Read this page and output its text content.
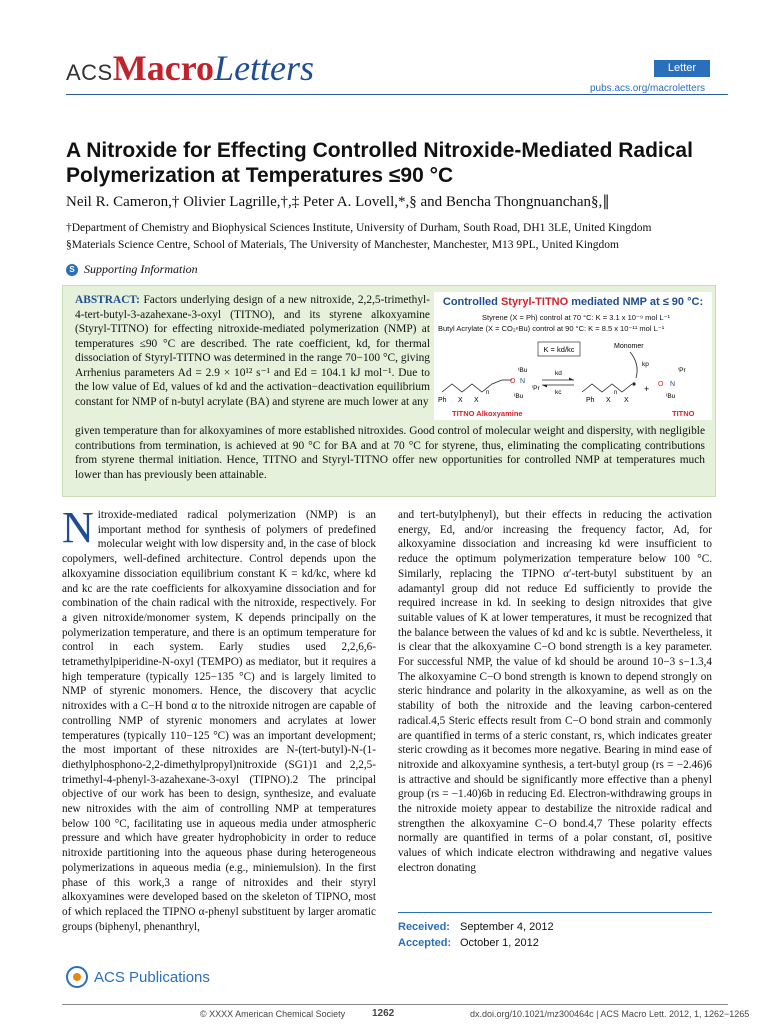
ACSMacroLetters	Letter
pubs.acs.org/macroletters
A Nitroxide for Effecting Controlled Nitroxide-Mediated Radical Polymerization at Temperatures ≤90 °C
Neil R. Cameron,† Olivier Lagrille,†,‡ Peter A. Lovell,*,§ and Bencha Thongnuanchan§,∥
†Department of Chemistry and Biophysical Sciences Institute, University of Durham, South Road, DH1 3LE, United Kingdom
§Materials Science Centre, School of Materials, The University of Manchester, Manchester, M13 9PL, United Kingdom
S Supporting Information
ABSTRACT: Factors underlying design of a new nitroxide, 2,2,5-trimethyl-4-tert-butyl-3-azahexane-3-oxyl (TITNO), and its styrene alkoxyamine (Styryl-TITNO) for effecting nitroxide-mediated polymerization (NMP) at temperatures ≤90 °C are described. The rate coefficient, kd, for thermal dissociation of Styryl-TITNO was determined in the range 70−100 °C, giving Arrhenius parameters Ad = 2.9 × 10¹² s⁻¹ and Ed = 104.1 kJ mol⁻¹. Due to the low value of Ed, values of kd and the activation−deactivation equilibrium constant for NMP of n-butyl acrylate (BA) and styrene are much lower at any
given temperature than for alkoxyamines of more established nitroxides. Good control of molecular weight and dispersity, with negligible contributions from termination, is achieved at 90 °C for BA and at 70 °C for styrene, thus, eliminating the complicating contributions from styrene thermal initiation. Hence, TITNO and Styryl-TITNO offer new opportunities for controlled NMP at temperatures much lower than has previously been attainable.
Controlled Styryl-TITNO mediated NMP at ≤ 90 °C:
Styrene (X = Ph) control at 70 °C: K = 3.1 x 10⁻⁹ mol L⁻¹
Butyl Acrylate (X = CO₂ⁿBu) control at 90 °C: K = 8.5 x 10⁻¹¹ mol L⁻¹
K = kd/kc
O N
ᵗBu
ⁱPr
ᵗBu
Ph X X
n
kd
kc
Ph X X
n
Monomer
kp
+ O N
ⁱPr
ᵗBu
TITNO Alkoxyamine	TITNO
Nitroxide-mediated radical polymerization (NMP) is an important method for synthesis of polymers of predefined molecular weight with low dispersity and, in the case of block copolymers, well-defined architecture. Control depends upon the alkoxyamine dissociation equilibrium constant K = kd/kc, where kd and kc are the rate coefficients for alkoxyamine dissociation and for combination of the chain radical with the nitroxide, respectively. For a given nitroxide/monomer system, K depends principally on the polymerization temperature, and there is an optimum temperature for control in each system. Early studies used 2,2,6,6-tetramethylpiperidine-N-oxyl (TEMPO) as mediator, but it requires a high temperature (typically 125−135 °C) and is largely limited to NMP of styrenic monomers. Hence, the discovery that acyclic nitroxides with a C−H bond α to the nitroxide nitrogen are capable of controlling NMP of styrenic monomers and acrylates at lower temperatures (typically 110−125 °C) was an important development; the most important of these nitroxides are N-(tert-butyl)-N-(1-diethylphosphono-2,2-dimethylpropyl)nitroxide (SG1)1 and 2,2,5-trimethyl-4-phenyl-3-azahexane-3-oxyl (TIPNO).2 The principal objective of our work has been to design, synthesize, and evaluate new nitroxides with the aim of controlling NMP at temperatures below 100 °C, facilitating use in aqueous media under atmospheric pressure and which have greater hydrophobicity in order to reduce nitroxide partitioning into the aqueous phase during heterogeneous polymerizations in aqueous media (e.g., miniemulsion). In the first phase of this work,3 a range of nitroxides and their styryl alkoxyamines were developed based on the skeleton of TIPNO, most of which replaced the TIPNO α-phenyl substituent by larger aromatic groups (biphenyl, phenanthryl,
and tert-butylphenyl), but their effects in reducing the activation energy, Ed, and/or increasing the frequency factor, Ad, for alkoxyamine dissociation and increasing kd were insufficient to reduce the optimum polymerization temperature below 100 °C. Similarly, replacing the TIPNO α′-tert-butyl substituent by an adamantyl group did not reduce Ed sufficiently to provide the required increase in kd. In seeking to design nitroxides that give suitable values of K at lower temperatures, it must be recognized that the balance between the values of kd and kc is subtle. Nevertheless, it is clear that the alkoxyamine C−O bond strength is a key parameter. For successful NMP, the value of kd should be around 10−3 s−1.3,4 The alkoxyamine C−O bond strength is known to depend strongly on steric hindrance and polarity in the alkoxyamine, as well as on the stability of both the nitroxide and the leaving carbon-centered radical.4,5 Steric effects result from C−O bond strain and commonly are quantified in terms of a steric constant, rs, which indicates greater steric crowding as it becomes more negative. Bearing in mind ease of nitroxide and alkoxyamine synthesis, a tert-butyl group (rs = −2.46)6 is attractive and should be significantly more effective than a phenyl group (rs = −1.40)6b in reducing Ed. Electron-withdrawing groups in the nitroxide moiety appear to destabilize the nitroxide radical and strengthen the alkoxyamine C−O bond.4,7 These polarity effects normally are quantified in terms of a polar constant, σI, positive values of which indicate electron withdrawing and negative values electron donating
Received: September 4, 2012
Accepted: October 1, 2012
ACS Publications
© XXXX American Chemical Society	1262	dx.doi.org/10.1021/mz300464c | ACS Macro Lett. 2012, 1, 1262−1265
